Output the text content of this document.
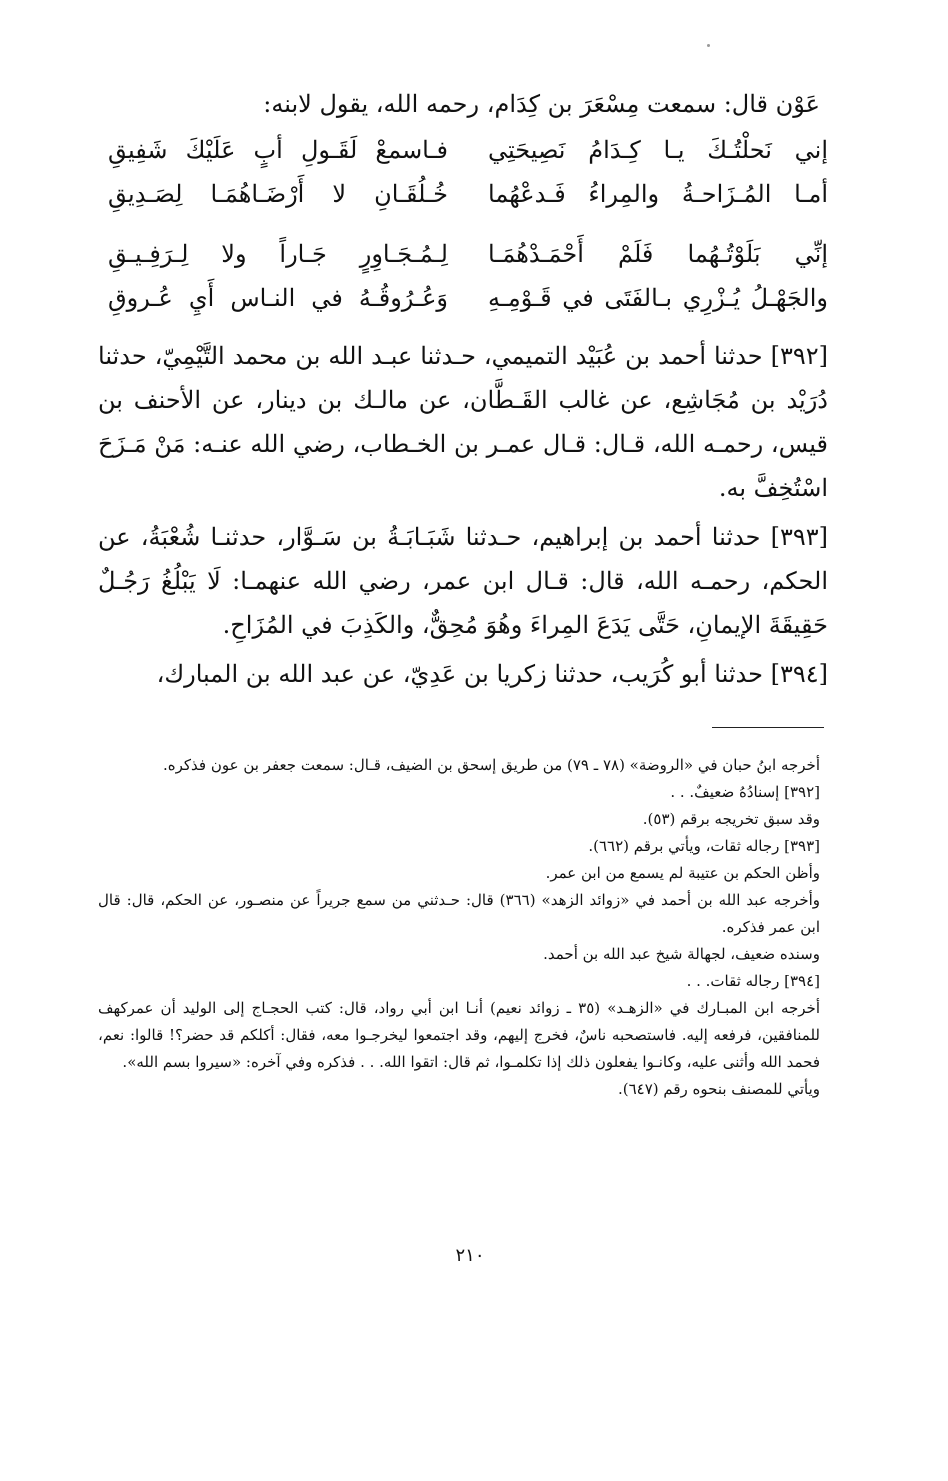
عَوْن قال: سمعت مِسْعَرَ بن كِدَام، رحمه الله، يقول لابنه:
إني نَحلْتُـكَ يـا كِـدَامُ نَصِيحَتِي
فـاسمعْ لَقَـولِ أبٍ عَلَيْكَ شَفِيقِ
أمـا المُـزَاحـةُ والمِراءُ فَـدعْهُما
خُـلُقَـانِ لا أَرْضَـاهُمَـا لِصَـدِيقِ
إنِّي بَلَوْتُـهُما فَلَمْ أَحْمَـدْهُمَـا
لِـمُـجَـاوِرٍ جَـاراً ولا لِـرَفِـيـقِ
والجَهْـلُ يُـزْرِي بـالفَتَى في قَـوْمِـهِ
وَعُـرُوقُـهُ في النـاس أَيِ عُـروقِ
[٣٩٢] حدثنا أحمد بن عُبَيْد التميمي، حـدثنا عبـد الله بن محمد التَّيْمِيّ، حدثنا دُرَيْد بن مُجَاشِع، عن غالب القَـطَّان، عن مالـك بن دينار، عن الأحنف بن قيس، رحمـه الله، قـال: قـال عمـر بن الخـطاب، رضي الله عنـه: مَنْ مَـزَحَ اسْتُخِفَّ به.
[٣٩٣] حدثنا أحمد بن إبراهيم، حـدثنا شَبَـابَـةُ بن سَـوَّار، حدثنـا شُعْبَةُ، عن الحكم، رحمـه الله، قال: قـال ابن عمر، رضي الله عنهمـا: لَا يَبْلُغُ رَجُـلٌ حَقِيقَةَ الإيمانِ، حَتَّى يَدَعَ المِراءَ وهُوَ مُحِقٌّ، والكَذِبَ في المُزَاحِ.
[٣٩٤] حدثنا أبو كُرَيب، حدثنا زكريا بن عَدِيّ، عن عبد الله بن المبارك،
أخرجه ابنُ حبان في «الروضة» (٧٨ ـ ٧٩) من طريق إسحق بن الضيف، قـال: سمعت جعفر بن عون فذكره.
[٣٩٢] إسنادُهُ ضعيفٌ. . .
وقد سبق تخريجه برقم (٥٣).
[٣٩٣] رجاله ثقات، ويأتي برقم (٦٦٢).
وأظن الحكم بن عتيبة لم يسمع من ابن عمر.
وأخرجه عبد الله بن أحمد في «زوائد الزهد» (٣٦٦) قال: حـدثني من سمع جريراً عن منصـور، عن الحكم، قال: قال ابن عمر فذكره.
وسنده ضعيف، لجهالة شيخ عبد الله بن أحمد.
[٣٩٤] رجاله ثقات. . .
أخرجه ابن المبـارك في «الزهـد» (٣٥ ـ زوائد نعيم) أنـا ابن أبي رواد، قال: كتب الحجـاج إلى الوليد أن عمركهف للمنافقين، فرفعه إليه. فاستصحبه ناسٌ، فخرج إليهم، وقد اجتمعوا ليخرجـوا معه، فقال: أكلكم قد حضر؟! قالوا: نعم، فحمد الله وأثنى عليه، وكانـوا يفعلون ذلك إذا تكلمـوا، ثم قال: اتقوا الله. . . فذكره وفي آخره: «سيروا بسم الله».
ويأتي للمصنف بنحوه رقم (٦٤٧).
٢١٠
